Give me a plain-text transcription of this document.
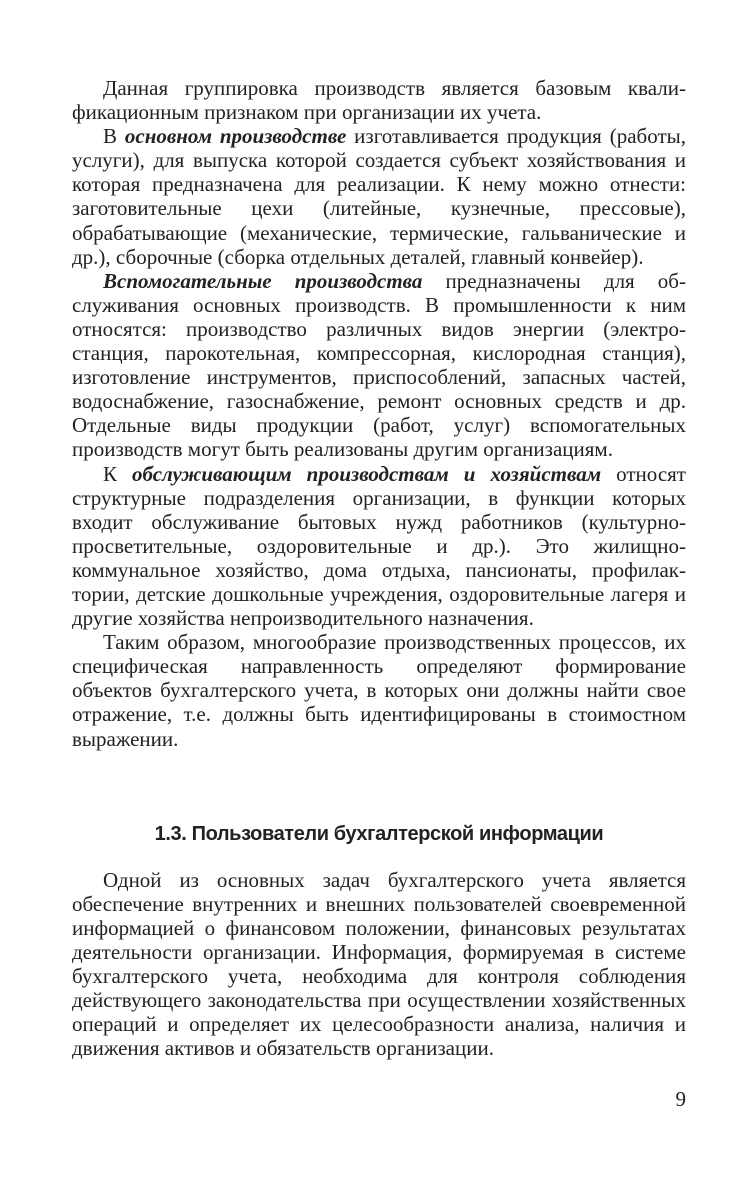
Данная группировка производств является базовым квалификационным признаком при организации их учета.

В основном производстве изготавливается продукция (работы, услуги), для выпуска которой создается субъект хозяйствования и которая предназначена для реализации. К нему можно отнести: заготовительные цехи (литейные, кузнечные, прессовые), обрабатывающие (механические, термические, гальванические и др.), сборочные (сборка отдельных деталей, главный конвейер).

Вспомогательные производства предназначены для обслуживания основных производств. В промышленности к ним относятся: производство различных видов энергии (электростанция, парокотельная, компрессорная, кислородная станция), изготовление инструментов, приспособлений, запасных частей, водоснабжение, газоснабжение, ремонт основных средств и др. Отдельные виды продукции (работ, услуг) вспомогательных производств могут быть реализованы другим организациям.

К обслуживающим производствам и хозяйствам относят структурные подразделения организации, в функции которых входит обслуживание бытовых нужд работников (культурно-просветительные, оздоровительные и др.). Это жилищно-коммунальное хозяйство, дома отдыха, пансионаты, профилактории, детские дошкольные учреждения, оздоровительные лагеря и другие хозяйства непроизводительного назначения.

Таким образом, многообразие производственных процессов, их специфическая направленность определяют формирование объектов бухгалтерского учета, в которых они должны найти свое отражение, т.е. должны быть идентифицированы в стоимостном выражении.

1.3. Пользователи бухгалтерской информации

Одной из основных задач бухгалтерского учета является обеспечение внутренних и внешних пользователей своевременной информацией о финансовом положении, финансовых результатах деятельности организации. Информация, формируемая в системе бухгалтерского учета, необходима для контроля соблюдения действующего законодательства при осуществлении хозяйственных операций и определяет их целесообразности анализа, наличия и движения активов и обязательств организации.

9
